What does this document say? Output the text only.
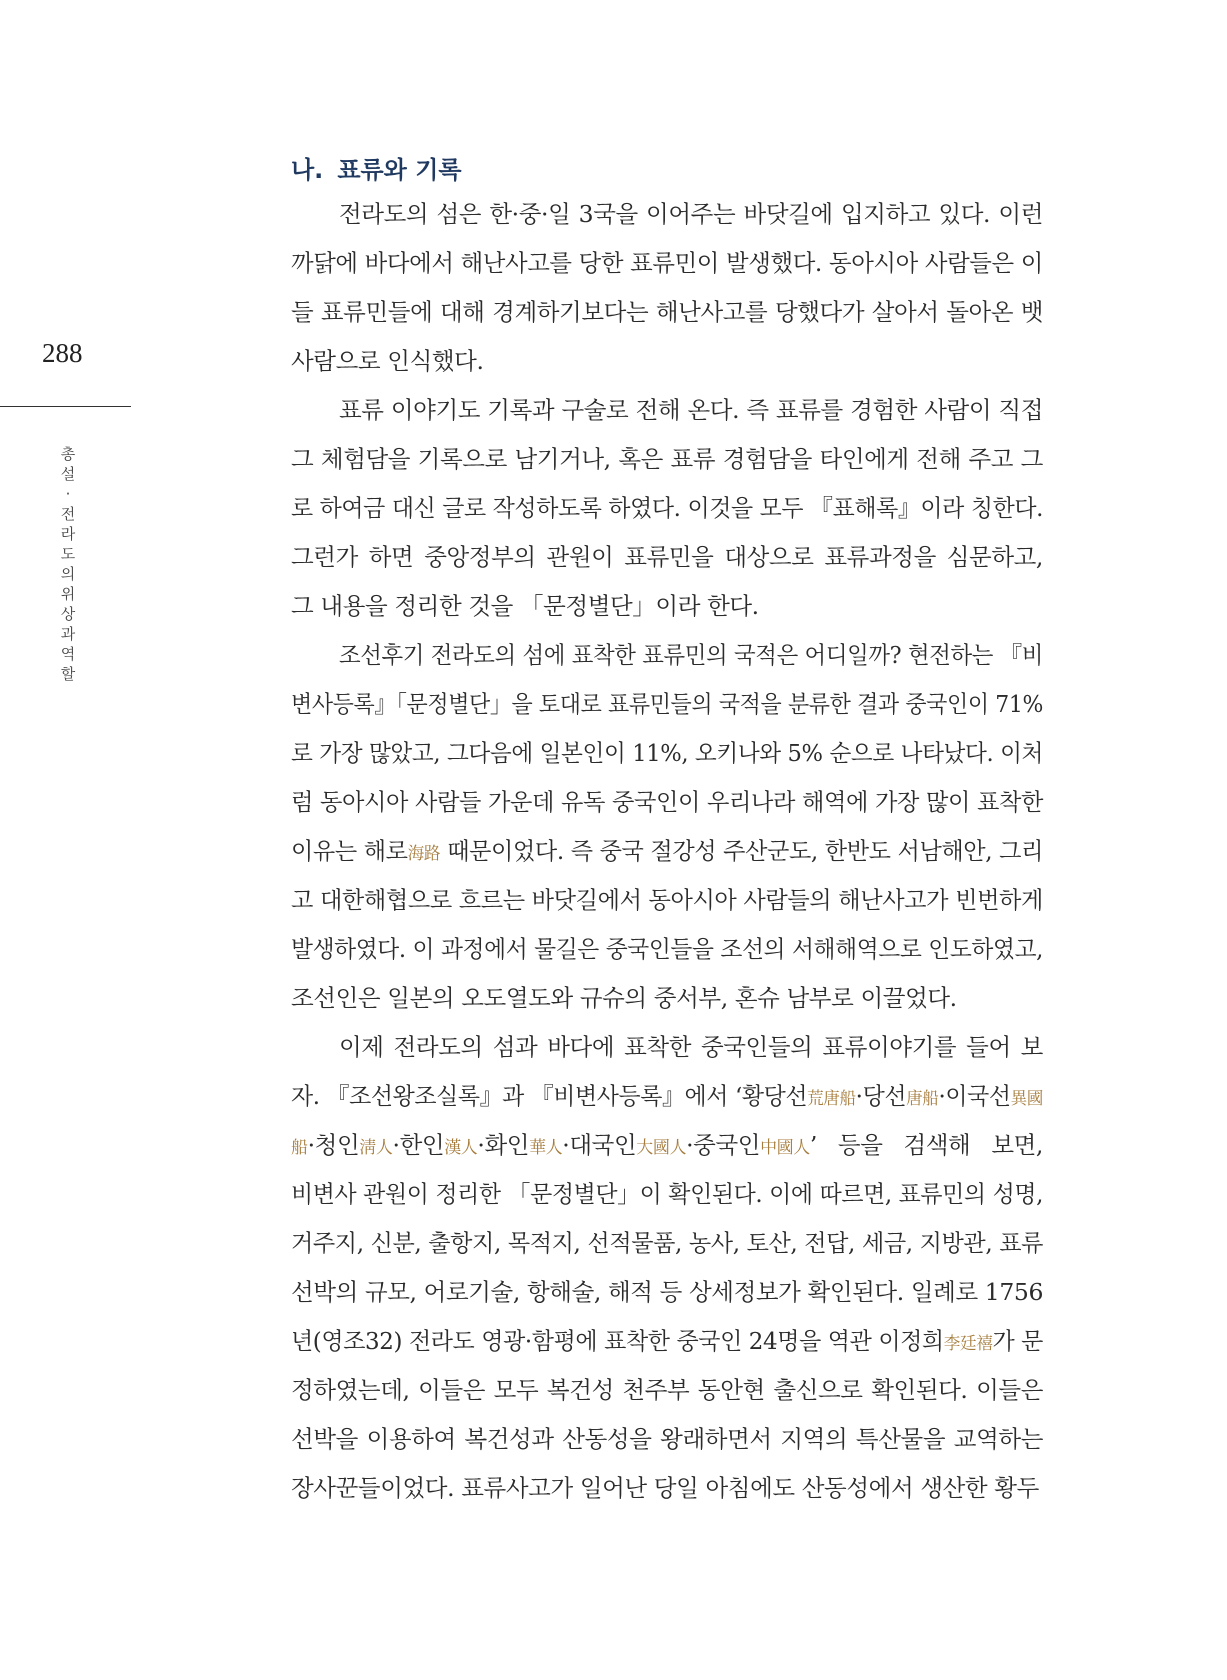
288
총
설
·
전
라
도
의
위
상
과
역
할
나. 표류와 기록
전라도의 섬은 한·중·일 3국을 이어주는 바닷길에 입지하고 있다. 이런
까닭에 바다에서 해난사고를 당한 표류민이 발생했다. 동아시아 사람들은 이
들 표류민들에 대해 경계하기보다는 해난사고를 당했다가 살아서 돌아온 뱃
사람으로 인식했다.
표류 이야기도 기록과 구술로 전해 온다. 즉 표류를 경험한 사람이 직접
그 체험담을 기록으로 남기거나, 혹은 표류 경험담을 타인에게 전해 주고 그
로 하여금 대신 글로 작성하도록 하였다. 이것을 모두 『표해록』이라 칭한다.
그런가 하면 중앙정부의 관원이 표류민을 대상으로 표류과정을 심문하고,
그 내용을 정리한 것을 「문정별단」이라 한다.
조선후기 전라도의 섬에 표착한 표류민의 국적은 어디일까? 현전하는 『비
변사등록』「문정별단」을 토대로 표류민들의 국적을 분류한 결과 중국인이 71%
로 가장 많았고, 그다음에 일본인이 11%, 오키나와 5% 순으로 나타났다. 이처
럼 동아시아 사람들 가운데 유독 중국인이 우리나라 해역에 가장 많이 표착한
이유는 해로海路 때문이었다. 즉 중국 절강성 주산군도, 한반도 서남해안, 그리
고 대한해협으로 흐르는 바닷길에서 동아시아 사람들의 해난사고가 빈번하게
발생하였다. 이 과정에서 물길은 중국인들을 조선의 서해해역으로 인도하였고,
조선인은 일본의 오도열도와 규슈의 중서부, 혼슈 남부로 이끌었다.
이제 전라도의 섬과 바다에 표착한 중국인들의 표류이야기를 들어 보
자. 『조선왕조실록』과 『비변사등록』에서 ‘황당선荒唐船·당선唐船·이국선異國
船·청인淸人·한인漢人·화인華人·대국인大國人·중국인中國人’ 등을 검색해 보면,
비변사 관원이 정리한 「문정별단」이 확인된다. 이에 따르면, 표류민의 성명,
거주지, 신분, 출항지, 목적지, 선적물품, 농사, 토산, 전답, 세금, 지방관, 표류
선박의 규모, 어로기술, 항해술, 해적 등 상세정보가 확인된다. 일례로 1756
년(영조32) 전라도 영광·함평에 표착한 중국인 24명을 역관 이정희李廷禧가 문
정하였는데, 이들은 모두 복건성 천주부 동안현 출신으로 확인된다. 이들은
선박을 이용하여 복건성과 산동성을 왕래하면서 지역의 특산물을 교역하는
장사꾼들이었다. 표류사고가 일어난 당일 아침에도 산동성에서 생산한 황두
